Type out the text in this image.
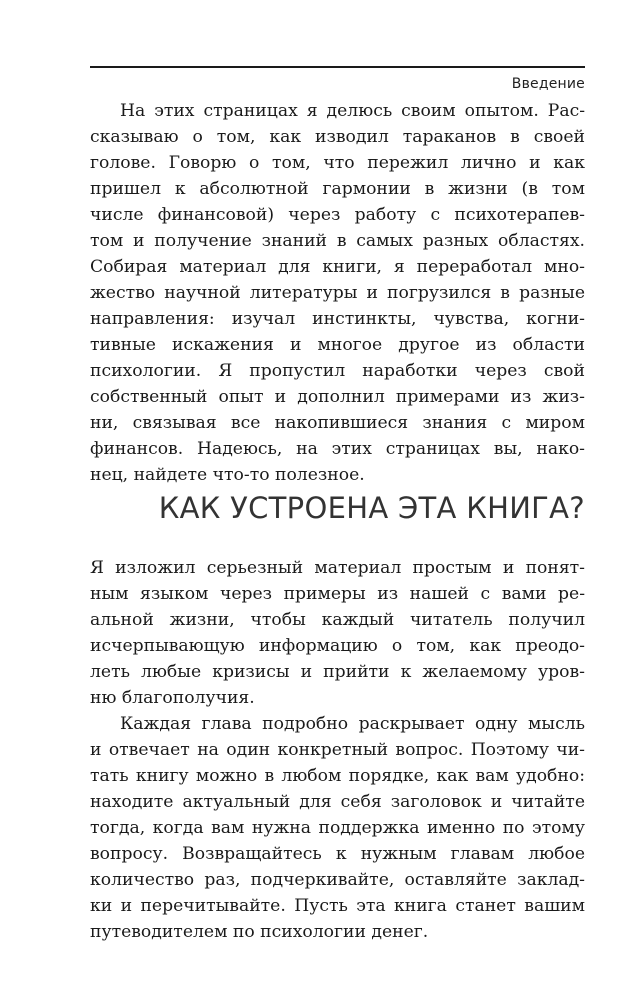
Введение
На этих страницах я делюсь своим опытом. Рас-
сказываю о том, как изводил тараканов в своей
голове. Говорю о том, что пережил лично и как
пришел к абсолютной гармонии в жизни (в том
числе финансовой) через работу с психотерапев-
том и получение знаний в самых разных областях.
Собирая материал для книги, я переработал мно-
жество научной литературы и погрузился в разные
направления: изучал инстинкты, чувства, когни-
тивные искажения и многое другое из области
психологии. Я пропустил наработки через свой
собственный опыт и дополнил примерами из жиз-
ни, связывая все накопившиеся знания с миром
финансов. Надеюсь, на этих страницах вы, нако-
нец, найдете что-то полезное.
КАК УСТРОЕНА ЭТА КНИГА?
Я изложил серьезный материал простым и понят-
ным языком через примеры из нашей с вами ре-
альной жизни, чтобы каждый читатель получил
исчерпывающую информацию о том, как преодо-
леть любые кризисы и прийти к желаемому уров-
ню благополучия.
Каждая глава подробно раскрывает одну мысль
и отвечает на один конкретный вопрос. Поэтому чи-
тать книгу можно в любом порядке, как вам удобно:
находите актуальный для себя заголовок и читайте
тогда, когда вам нужна поддержка именно по этому
вопросу. Возвращайтесь к нужным главам любое
количество раз, подчеркивайте, оставляйте заклад-
ки и перечитывайте. Пусть эта книга станет вашим
путеводителем по психологии денег.
